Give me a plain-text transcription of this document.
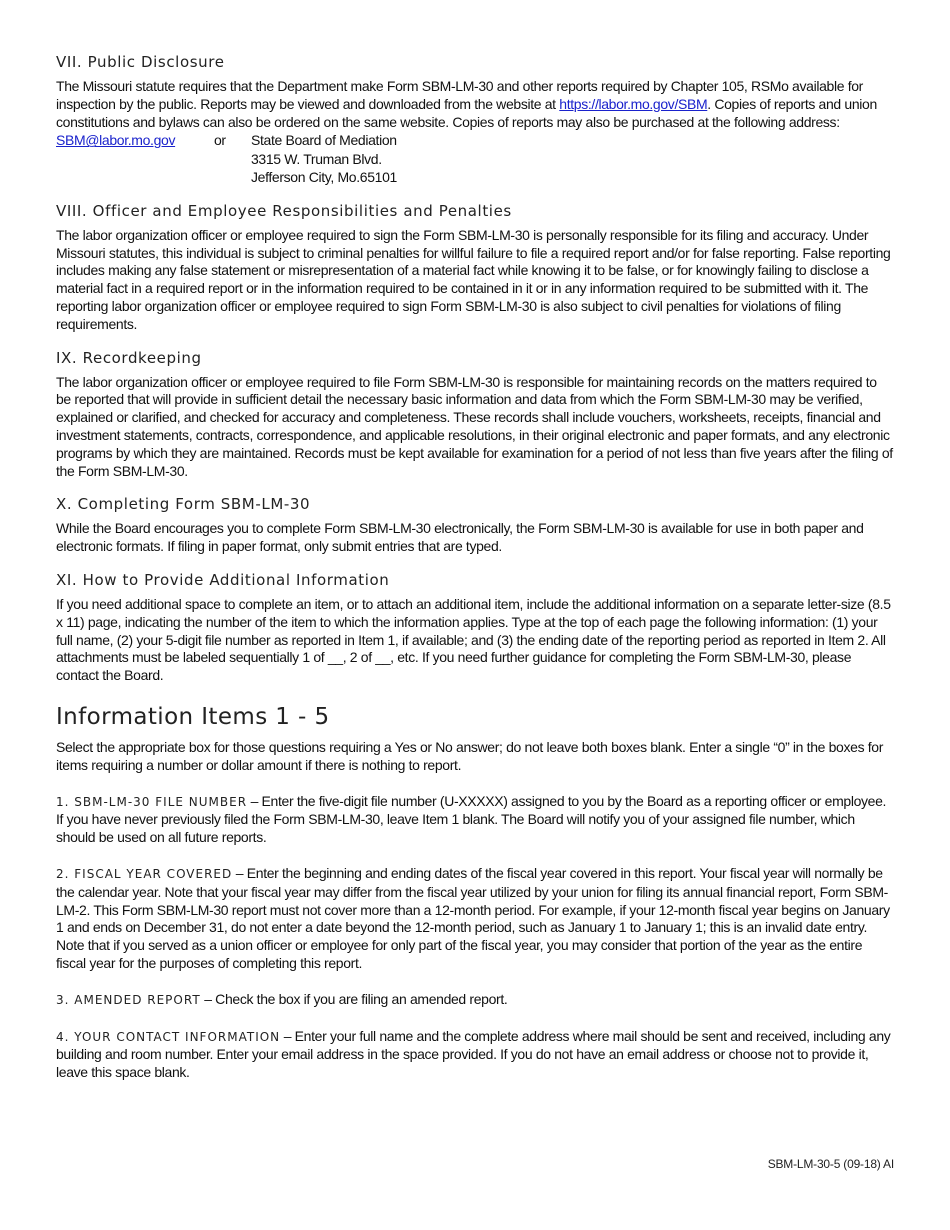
VII. Public Disclosure

The Missouri statute requires that the Department make Form SBM-LM-30 and other reports required by Chapter 105, RSMo available for inspection by the public. Reports may be viewed and downloaded from the website at https://labor.mo.gov/SBM. Copies of reports and union constitutions and bylaws can also be ordered on the same website. Copies of reports may also be purchased at the following address:

SBM@labor.mo.gov	or	State Board of Mediation
3315 W. Truman Blvd.
Jefferson City, Mo.65101
VIII. Officer and Employee Responsibilities and Penalties

The labor organization officer or employee required to sign the Form SBM-LM-30 is personally responsible for its filing and accuracy. Under Missouri statutes, this individual is subject to criminal penalties for willful failure to file a required report and/or for false reporting. False reporting includes making any false statement or misrepresentation of a material fact while knowing it to be false, or for knowingly failing to disclose a material fact in a required report or in the information required to be contained in it or in any information required to be submitted with it. The reporting labor organization officer or employee required to sign Form SBM-LM-30 is also subject to civil penalties for violations of filing requirements.

IX. Recordkeeping

The labor organization officer or employee required to file Form SBM-LM-30 is responsible for maintaining records on the matters required to be reported that will provide in sufficient detail the necessary basic information and data from which the Form SBM-LM-30 may be verified, explained or clarified, and checked for accuracy and completeness. These records shall include vouchers, worksheets, receipts, financial and investment statements, contracts, correspondence, and applicable resolutions, in their original electronic and paper formats, and any electronic programs by which they are maintained. Records must be kept available for examination for a period of not less than five years after the filing of the Form SBM-LM-30.

X. Completing Form SBM-LM-30

While the Board encourages you to complete Form SBM-LM-30 electronically, the Form SBM-LM-30 is available for use in both paper and electronic formats. If filing in paper format, only submit entries that are typed.

XI. How to Provide Additional Information

If you need additional space to complete an item, or to attach an additional item, include the additional information on a separate letter-size (8.5 x 11) page, indicating the number of the item to which the information applies. Type at the top of each page the following information: (1) your full name, (2) your 5-digit file number as reported in Item 1, if available; and (3) the ending date of the reporting period as reported in Item 2. All attachments must be labeled sequentially 1 of __, 2 of __, etc. If you need further guidance for completing the Form SBM-LM-30, please contact the Board.

Information Items 1 - 5

Select the appropriate box for those questions requiring a Yes or No answer; do not leave both boxes blank. Enter a single “0” in the boxes for items requiring a number or dollar amount if there is nothing to report.

1. SBM-LM-30 FILE NUMBER – Enter the five-digit file number (U-XXXXX) assigned to you by the Board as a reporting officer or employee. If you have never previously filed the Form SBM-LM-30, leave Item 1 blank. The Board will notify you of your assigned file number, which should be used on all future reports.

2. FISCAL YEAR COVERED – Enter the beginning and ending dates of the fiscal year covered in this report. Your fiscal year will normally be the calendar year. Note that your fiscal year may differ from the fiscal year utilized by your union for filing its annual financial report, Form SBM-LM-2. This Form SBM-LM-30 report must not cover more than a 12-month period. For example, if your 12-month fiscal year begins on January 1 and ends on December 31, do not enter a date beyond the 12-month period, such as January 1 to January 1; this is an invalid date entry. Note that if you served as a union officer or employee for only part of the fiscal year, you may consider that portion of the year as the entire fiscal year for the purposes of completing this report.

3. AMENDED REPORT – Check the box if you are filing an amended report.

4. YOUR CONTACT INFORMATION – Enter your full name and the complete address where mail should be sent and received, including any building and room number. Enter your email address in the space provided. If you do not have an email address or choose not to provide it, leave this space blank.

SBM-LM-30-5 (09-18) AI
